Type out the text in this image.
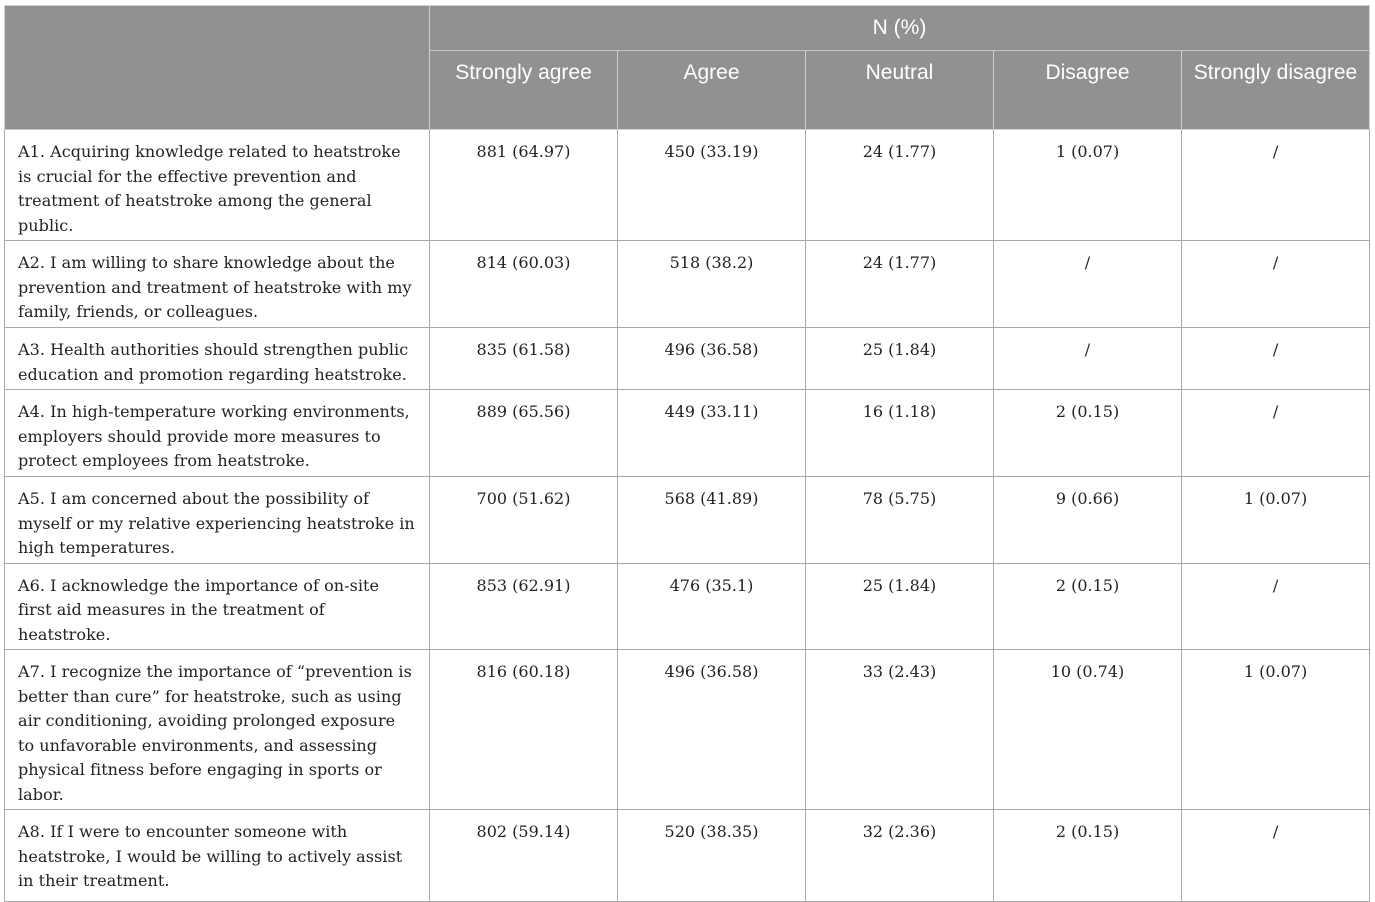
	N (%)				
	Strongly agree	Agree	Neutral	Disagree	Strongly disagree
A1. Acquiring knowledge related to heatstroke is crucial for the effective prevention and treatment of heatstroke among the general public.	881 (64.97)	450 (33.19)	24 (1.77)	1 (0.07)	/
A2. I am willing to share knowledge about the prevention and treatment of heatstroke with my family, friends, or colleagues.	814 (60.03)	518 (38.2)	24 (1.77)	/	/
A3. Health authorities should strengthen public education and promotion regarding heatstroke.	835 (61.58)	496 (36.58)	25 (1.84)	/	/
A4. In high-temperature working environments, employers should provide more measures to protect employees from heatstroke.	889 (65.56)	449 (33.11)	16 (1.18)	2 (0.15)	/
A5. I am concerned about the possibility of myself or my relative experiencing heatstroke in high temperatures.	700 (51.62)	568 (41.89)	78 (5.75)	9 (0.66)	1 (0.07)
A6. I acknowledge the importance of on-site first aid measures in the treatment of heatstroke.	853 (62.91)	476 (35.1)	25 (1.84)	2 (0.15)	/
A7. I recognize the importance of “prevention is better than cure” for heatstroke, such as using air conditioning, avoiding prolonged exposure to unfavorable environments, and assessing physical fitness before engaging in sports or labor.	816 (60.18)	496 (36.58)	33 (2.43)	10 (0.74)	1 (0.07)
A8. If I were to encounter someone with heatstroke, I would be willing to actively assist in their treatment.	802 (59.14)	520 (38.35)	32 (2.36)	2 (0.15)	/
